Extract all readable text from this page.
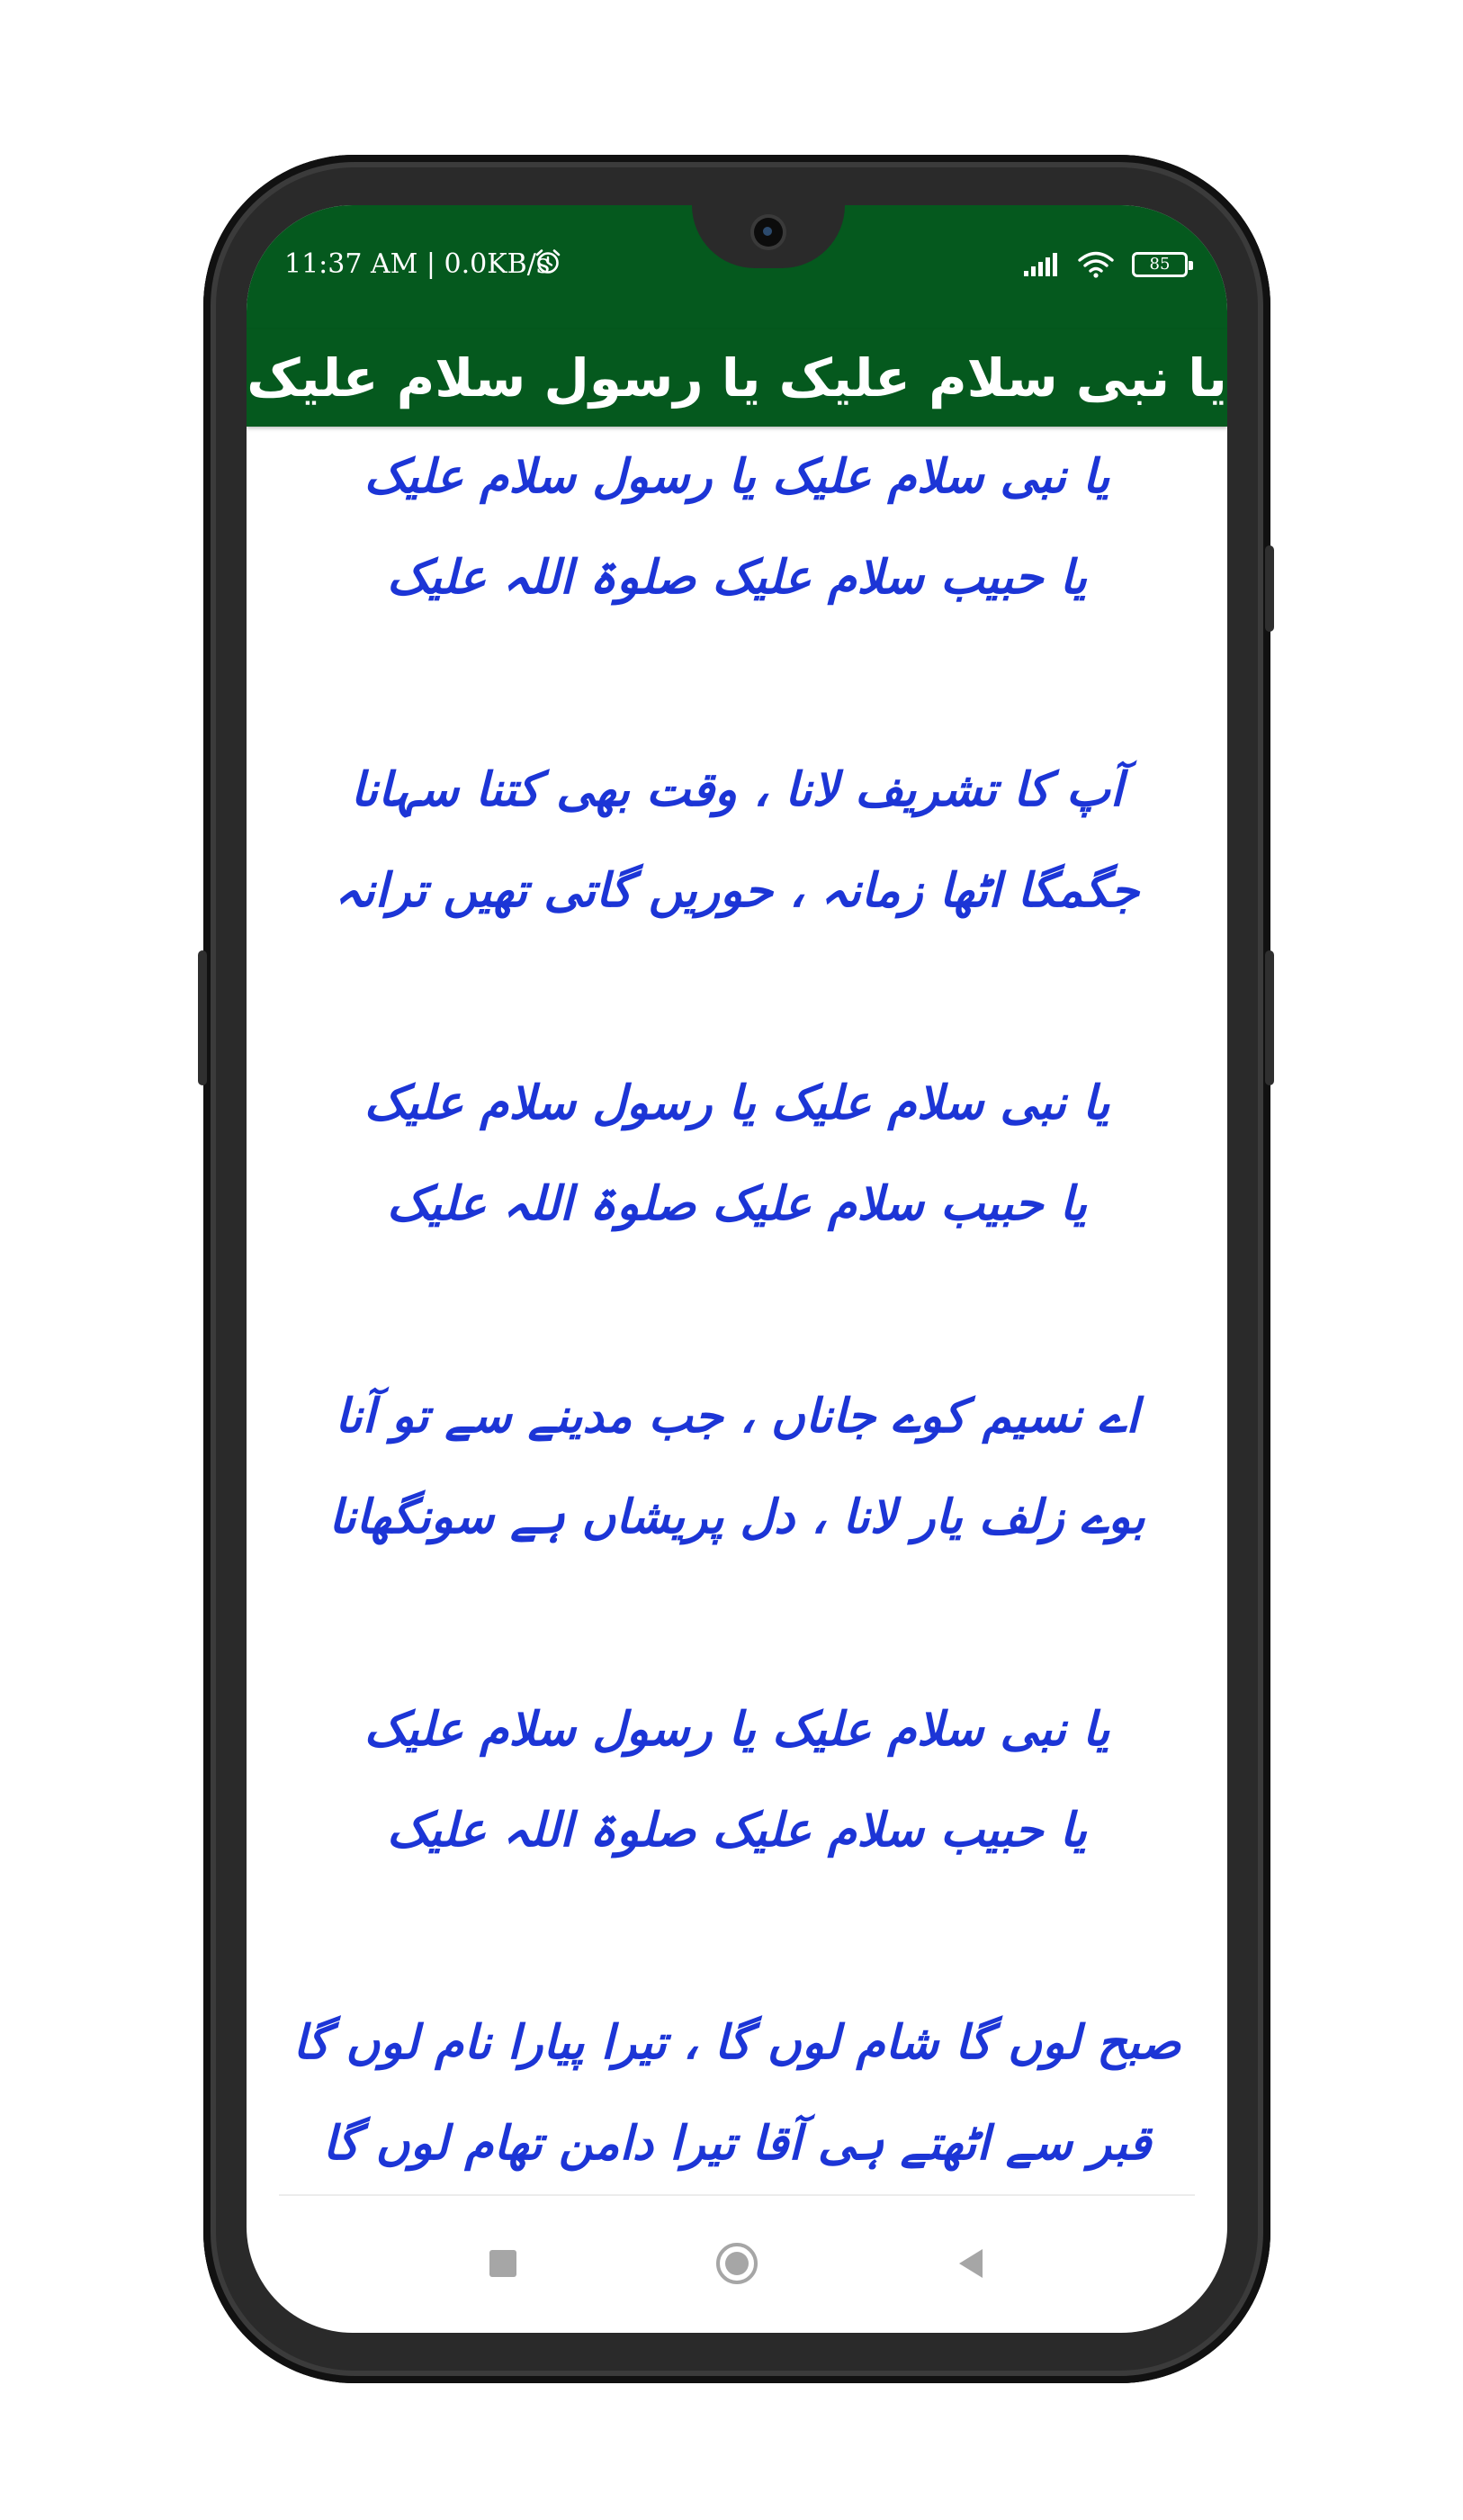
11:37 AM | 0.0KB/s	85
یا نبی سلام علیک یا رسول سلام علیک
یا نبی سلام علیک یا رسول سلام علیک
یا حبیب سلام علیک صلوۃ اللہ علیک
آپ کا تشریف لانا ، وقت بھی کتنا سہانا
جگمگا اٹھا زمانہ ، حوریں گاتی تھیں ترانہ
یا نبی سلام علیک یا رسول سلام علیک
یا حبیب سلام علیک صلوۃ اللہ علیک
اے نسیم کوے جاناں ، جب مدینے سے تو آنا
بوے زلف یار لانا ، دل پریشاں ہے سونگھانا
یا نبی سلام علیک یا رسول سلام علیک
یا حبیب سلام علیک صلوۃ اللہ علیک
صبح لوں گا شام لوں گا ، تیرا پیارا نام لوں گا
قبر سے اٹھتے ہی آقا تیرا دامن تھام لوں گا
